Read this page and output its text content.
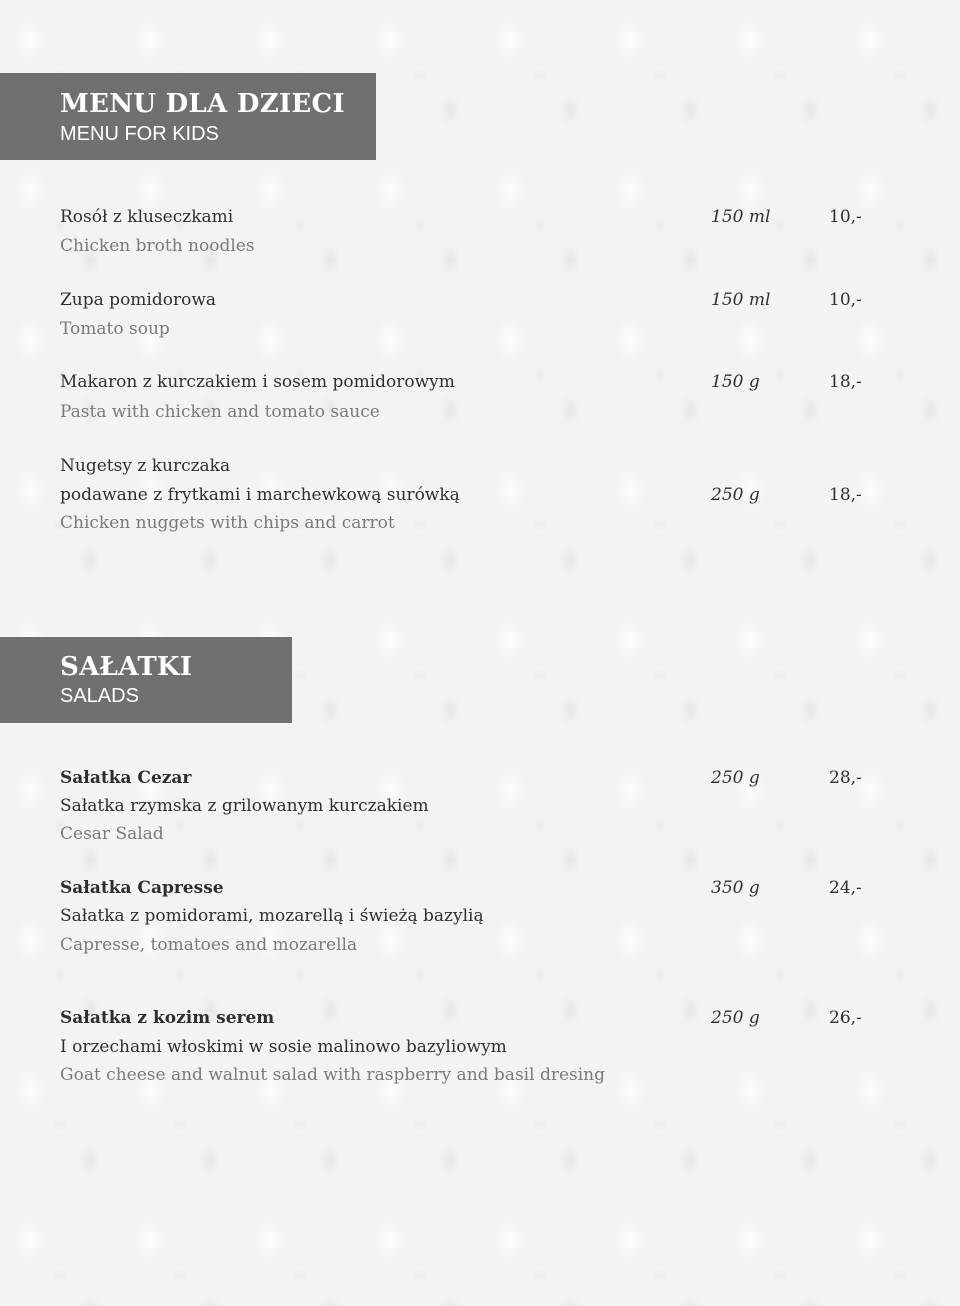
MENU DLA DZIECI
MENU FOR KIDS
Rosół z kluseczkami
Chicken broth noodles
150 ml	10,-
Zupa pomidorowa
Tomato soup
150 ml	10,-
Makaron z kurczakiem i sosem pomidorowym
Pasta with chicken and tomato sauce
150 g	18,-
Nugetsy z kurczaka
podawane z frytkami i marchewkową surówką
Chicken nuggets with chips and carrot
250 g	18,-
SAŁATKI
SALADS
Sałatka Cezar
Sałatka rzymska z grilowanym kurczakiem
Cesar Salad
250 g	28,-
Sałatka Capresse
Sałatka z pomidorami, mozarellą i świeżą bazylią
Capresse, tomatoes and mozarella
350 g	24,-
Sałatka z kozim serem
I orzechami włoskimi w sosie malinowo bazyliowym
Goat cheese and walnut salad with raspberry and basil dresing
250 g	26,-
